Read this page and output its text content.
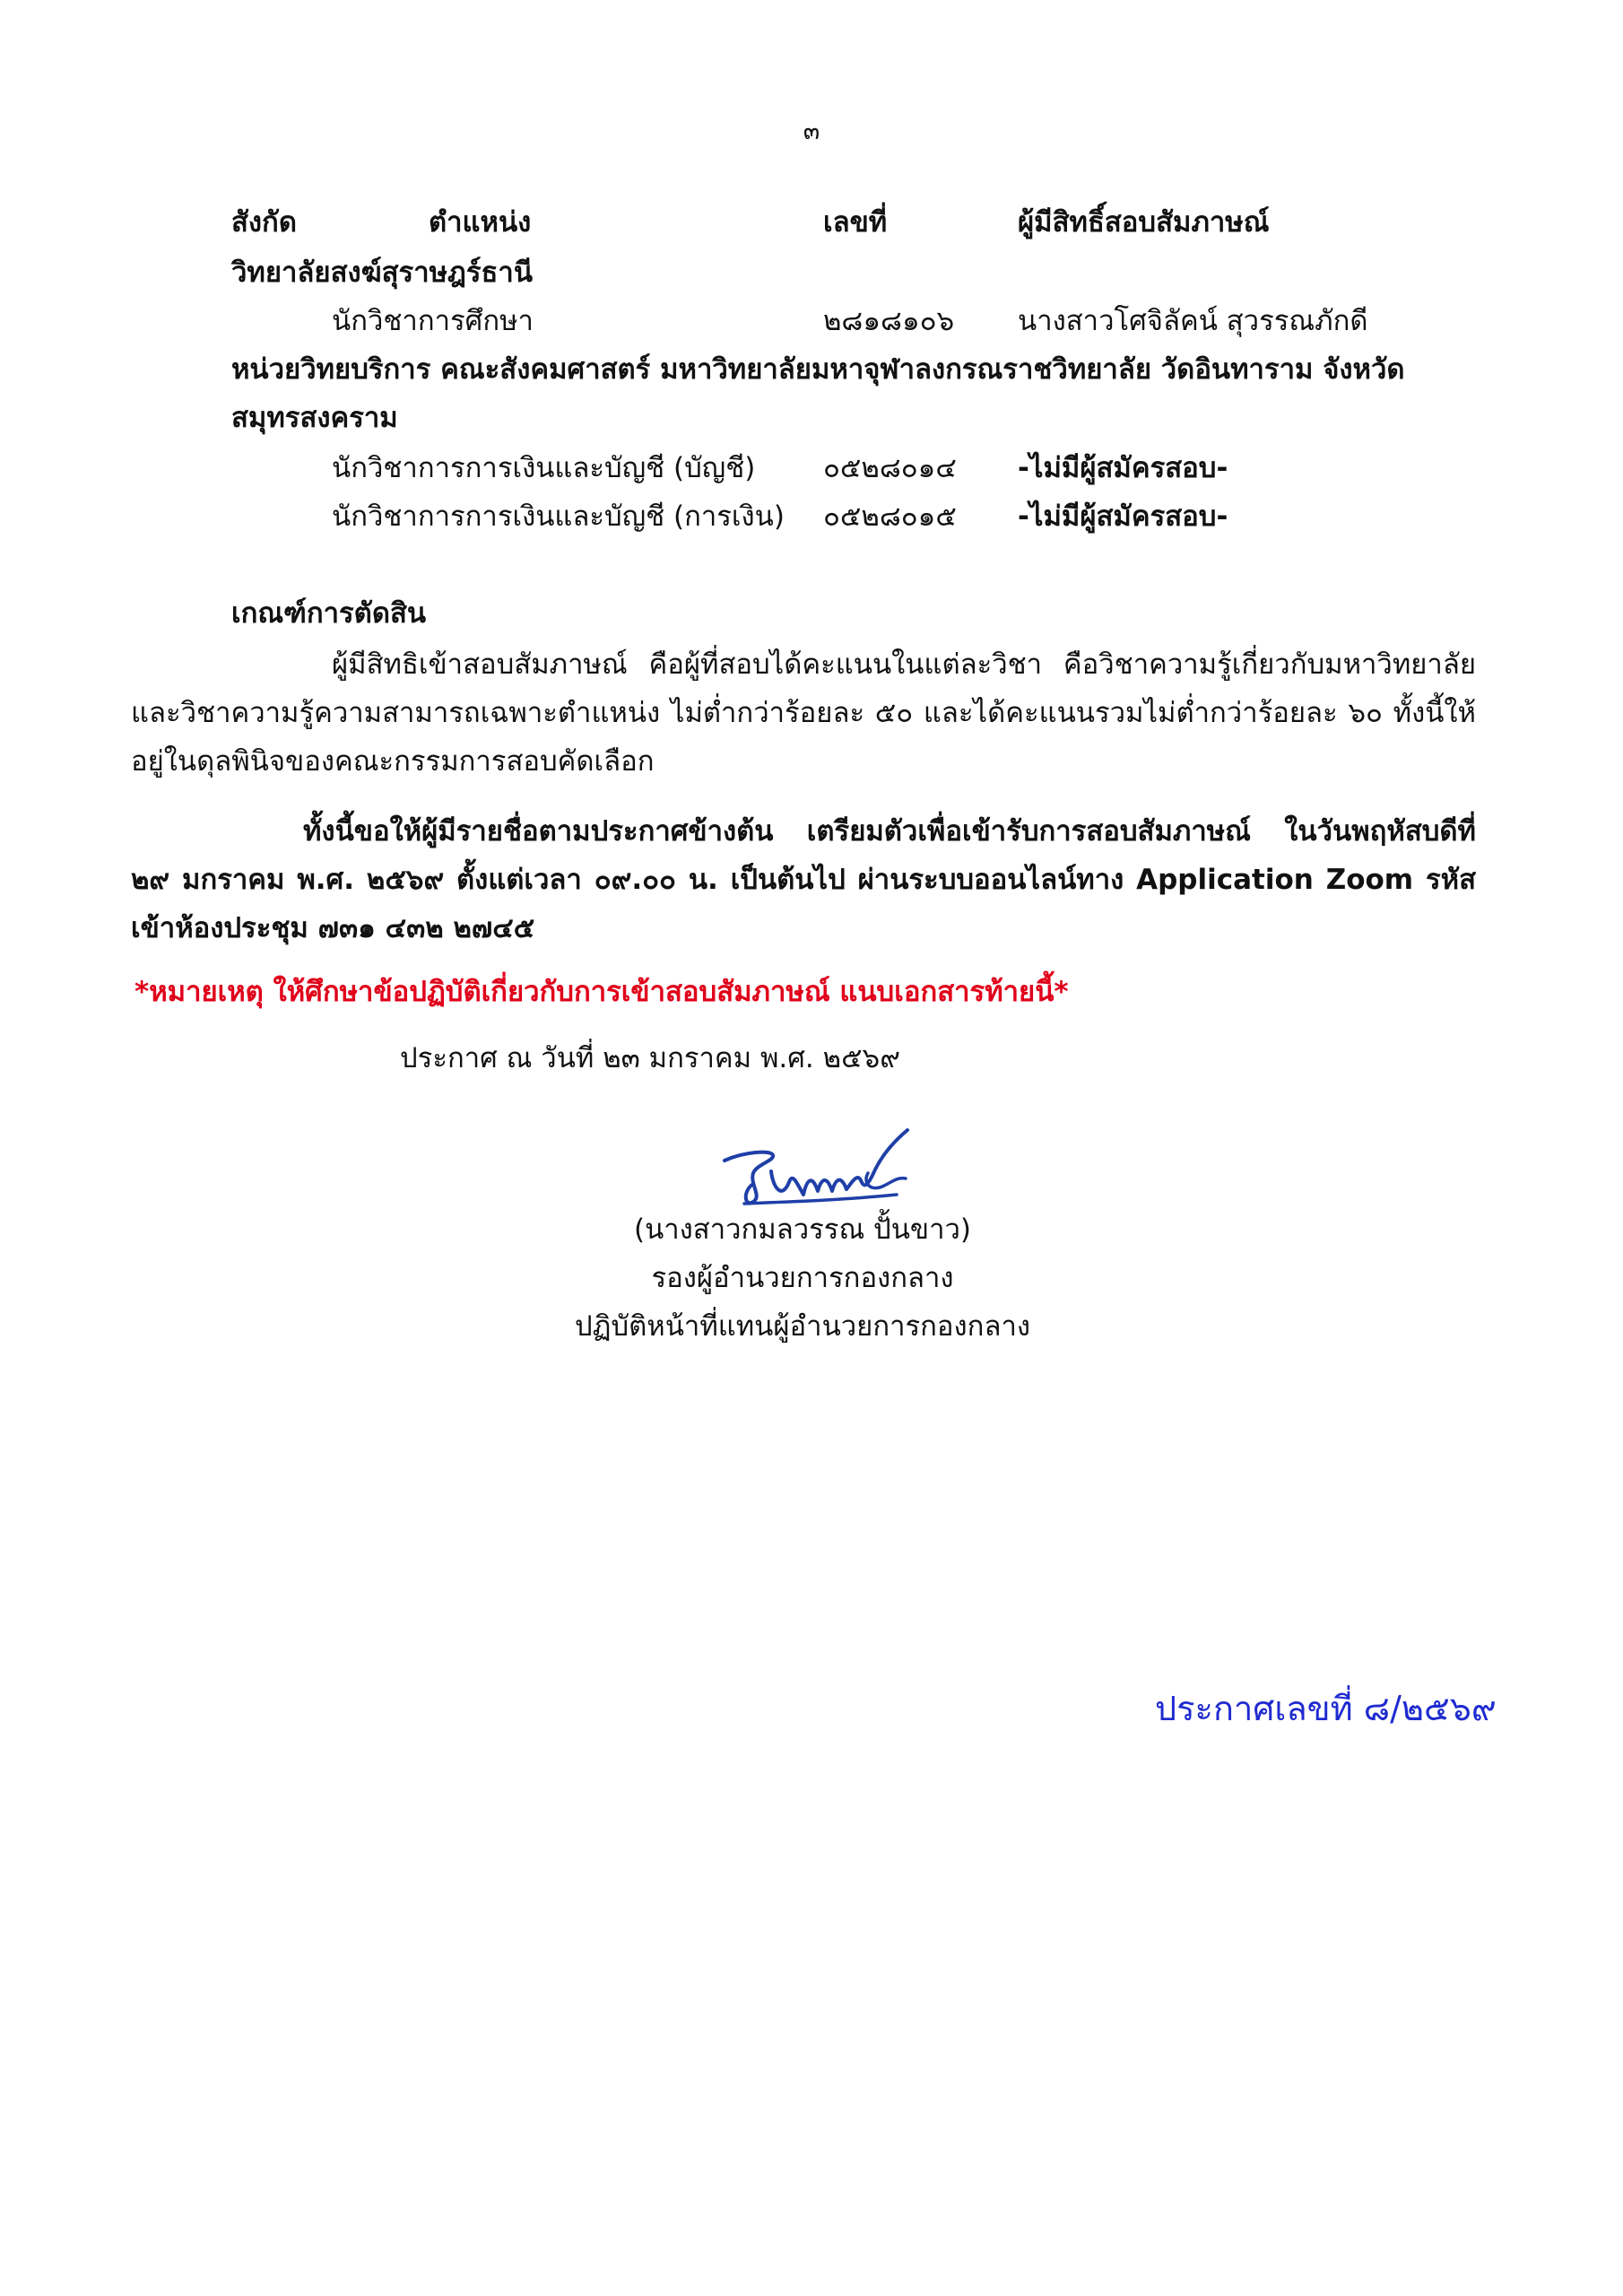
๓
สังกัด	ตำแหน่ง	เลขที่	ผู้มีสิทธิ์สอบสัมภาษณ์
วิทยาลัยสงฆ์สุราษฎร์ธานี
นักวิชาการศึกษา	๒๘๑๘๑๐๖ นางสาวโศจิลัคน์ สุวรรณภักดี
หน่วยวิทยบริการ คณะสังคมศาสตร์ มหาวิทยาลัยมหาจุฬาลงกรณราชวิทยาลัย วัดอินทาราม จังหวัด
สมุทรสงคราม
นักวิชาการการเงินและบัญชี (บัญชี) ๐๕๒๘๐๑๔ -ไม่มีผู้สมัครสอบ-
นักวิชาการการเงินและบัญชี (การเงิน) ๐๕๒๘๐๑๕ -ไม่มีผู้สมัครสอบ-
เกณฑ์การตัดสิน
ผู้มีสิทธิเข้าสอบสัมภาษณ์ คือผู้ที่สอบได้คะแนนในแต่ละวิชา คือวิชาความรู้เกี่ยวกับมหาวิทยาลัย และวิชาความรู้ความสามารถเฉพาะตำแหน่ง ไม่ต่ำกว่าร้อยละ ๕๐ และได้คะแนนรวมไม่ต่ำกว่าร้อยละ ๖๐ ทั้งนี้ให้อยู่ในดุลพินิจของคณะกรรมการสอบคัดเลือก
ทั้งนี้ขอให้ผู้มีรายชื่อตามประกาศข้างต้น เตรียมตัวเพื่อเข้ารับการสอบสัมภาษณ์ ในวันพฤหัสบดีที่ ๒๙ มกราคม พ.ศ. ๒๕๖๙ ตั้งแต่เวลา ๐๙.๐๐ น. เป็นต้นไป ผ่านระบบออนไลน์ทาง Application Zoom รหัสเข้าห้องประชุม ๗๓๑ ๔๓๒ ๒๗๔๕
*หมายเหตุ ให้ศึกษาข้อปฏิบัติเกี่ยวกับการเข้าสอบสัมภาษณ์ แนบเอกสารท้ายนี้*
ประกาศ ณ วันที่ ๒๓ มกราคม พ.ศ. ๒๕๖๙
(นางสาวกมลวรรณ ปั้นขาว)
รองผู้อำนวยการกองกลาง
ปฏิบัติหน้าที่แทนผู้อำนวยการกองกลาง
ประกาศเลขที่ ๘/๒๕๖๙
